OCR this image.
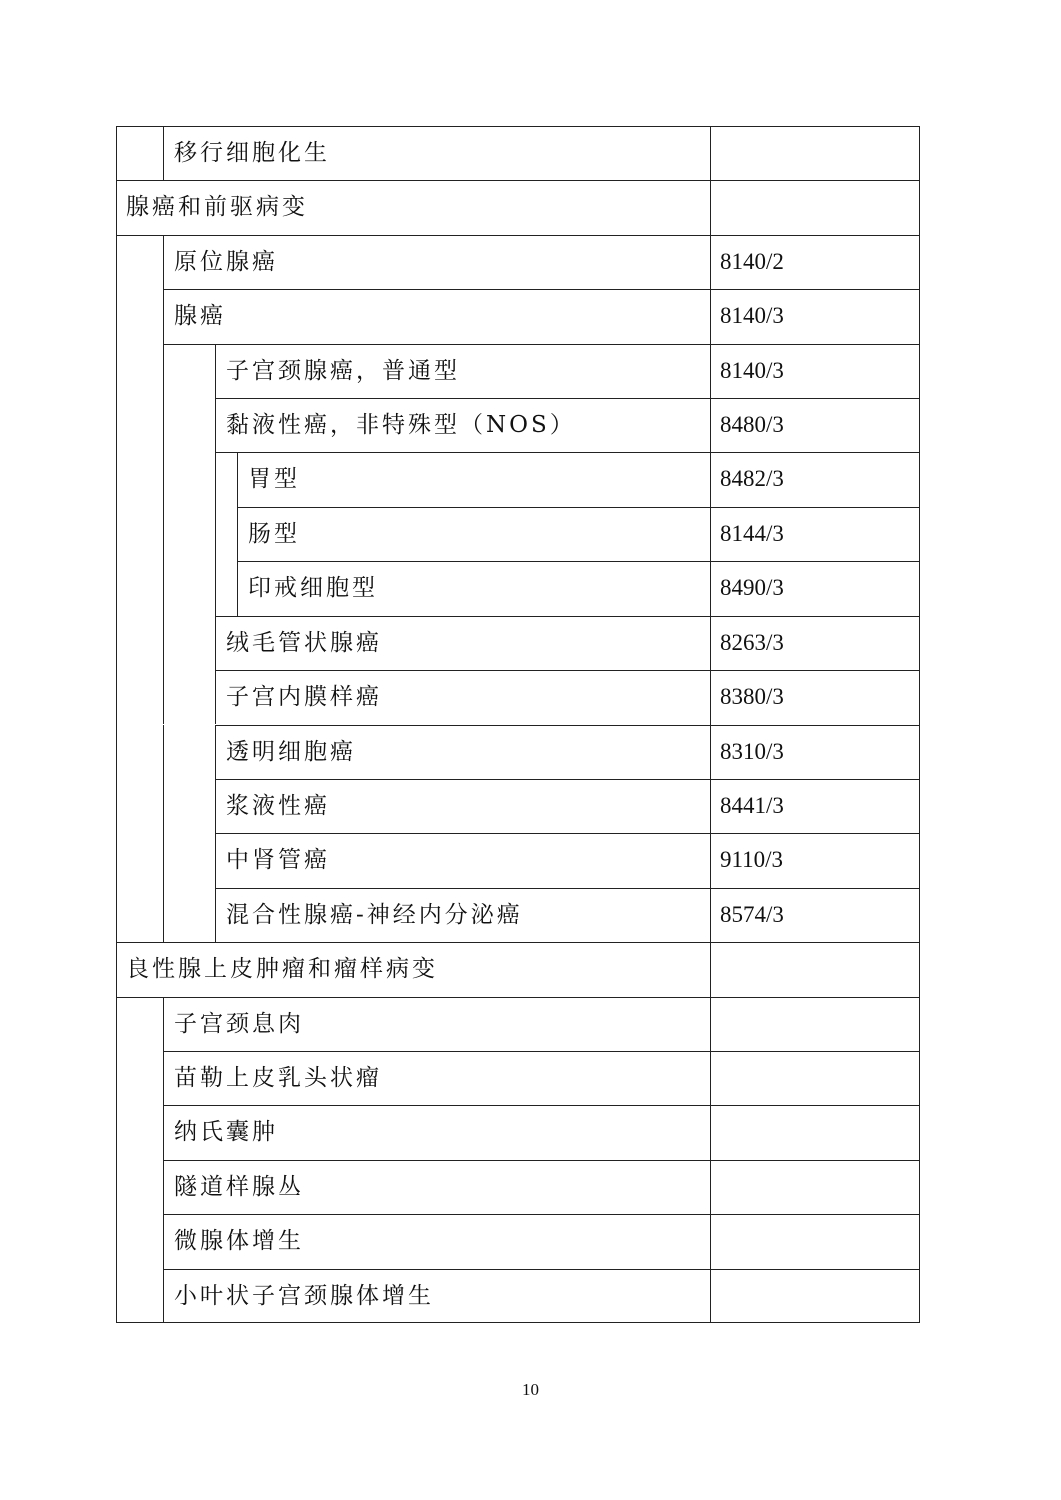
移行细胞化生
腺癌和前驱病变
原位腺癌	8140/2
腺癌	8140/3
子宫颈腺癌，普通型	8140/3
黏液性癌，非特殊型（NOS）	8480/3
胃型	8482/3
肠型	8144/3
印戒细胞型	8490/3
绒毛管状腺癌	8263/3
子宫内膜样癌	8380/3
透明细胞癌	8310/3
浆液性癌	8441/3
中肾管癌	9110/3
混合性腺癌-神经内分泌癌	8574/3
良性腺上皮肿瘤和瘤样病变
子宫颈息肉
苗勒上皮乳头状瘤
纳氏囊肿
隧道样腺丛
微腺体增生
小叶状子宫颈腺体增生
10
